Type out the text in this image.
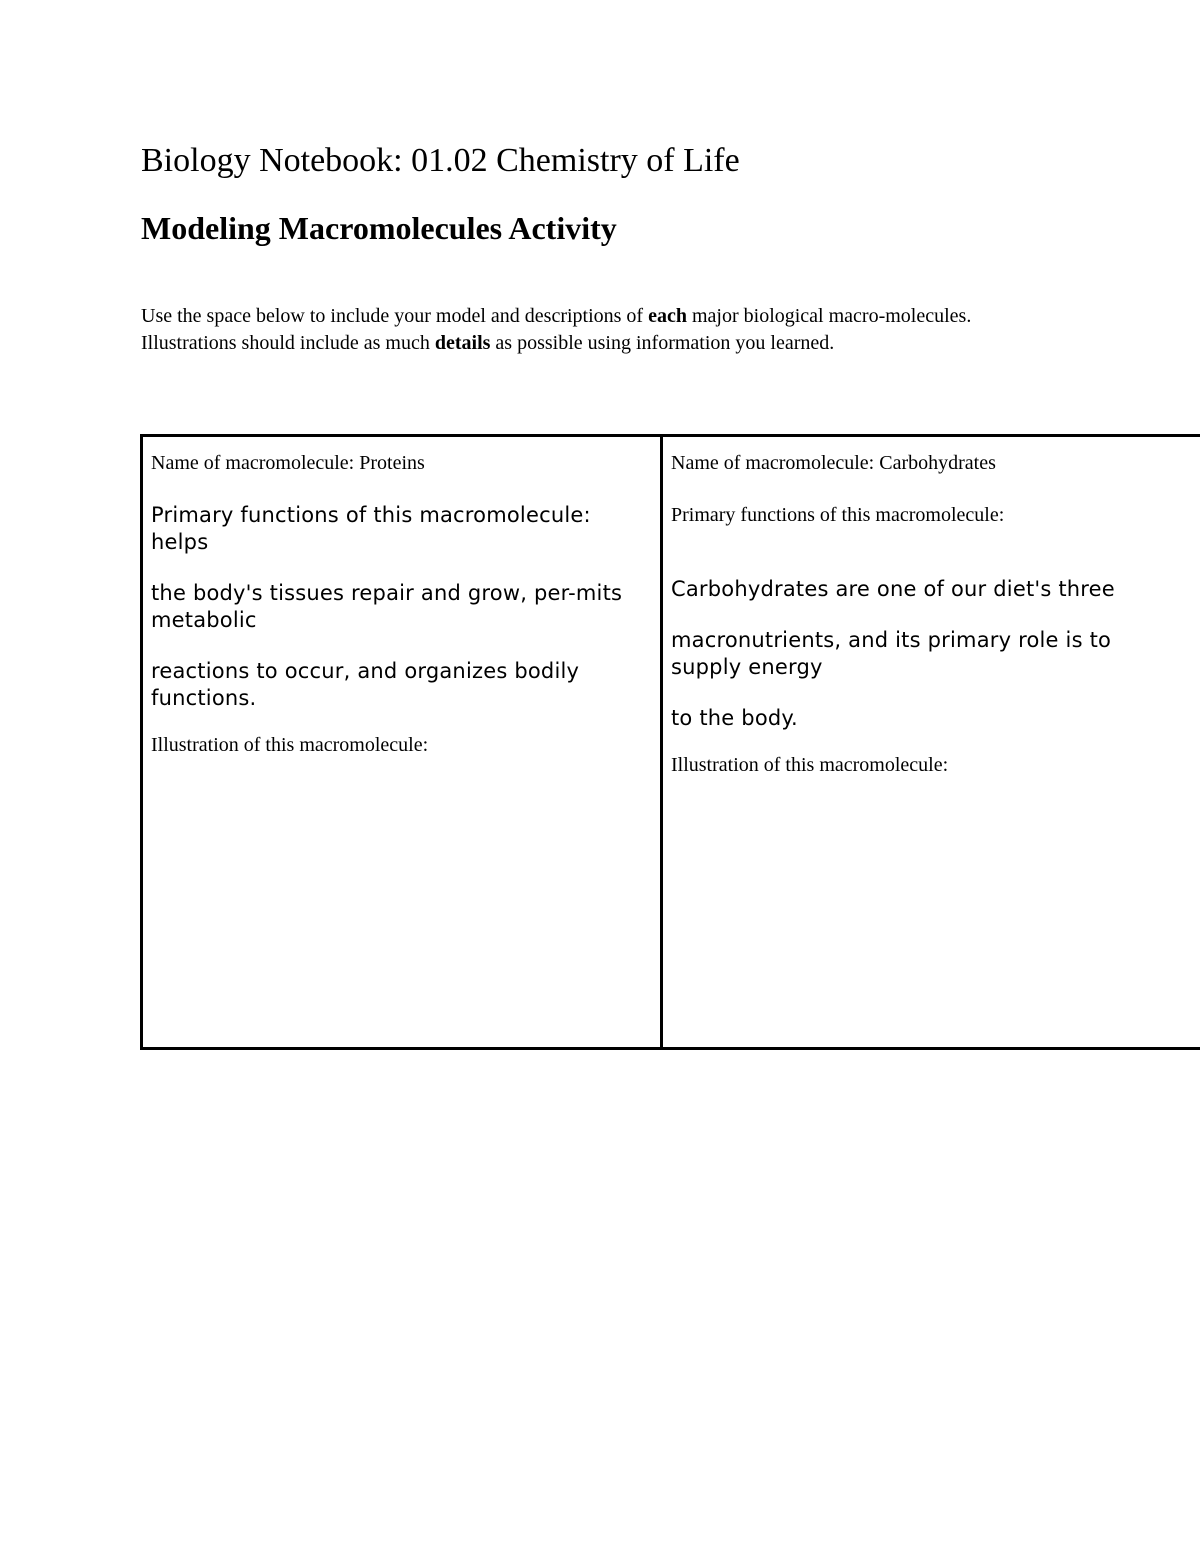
Biology Notebook: 01.02 Chemistry of Life
Modeling Macromolecules Activity

Use the space below to include your model and descriptions of each major biological macro-molecules. Illustrations should include as much details as possible using information you learned.

Name of macromolecule: Proteins

Primary functions of this macromolecule: helps

the body's tissues repair and grow, per-mits metabolic

reactions to occur, and organizes bodily functions.

Illustration of this macromolecule:

Name of macromolecule: Carbohydrates

Primary functions of this macromolecule:

Carbohydrates are one of our diet's three

macronutrients, and its primary role is to supply energy

to the body.

Illustration of this macromolecule:
